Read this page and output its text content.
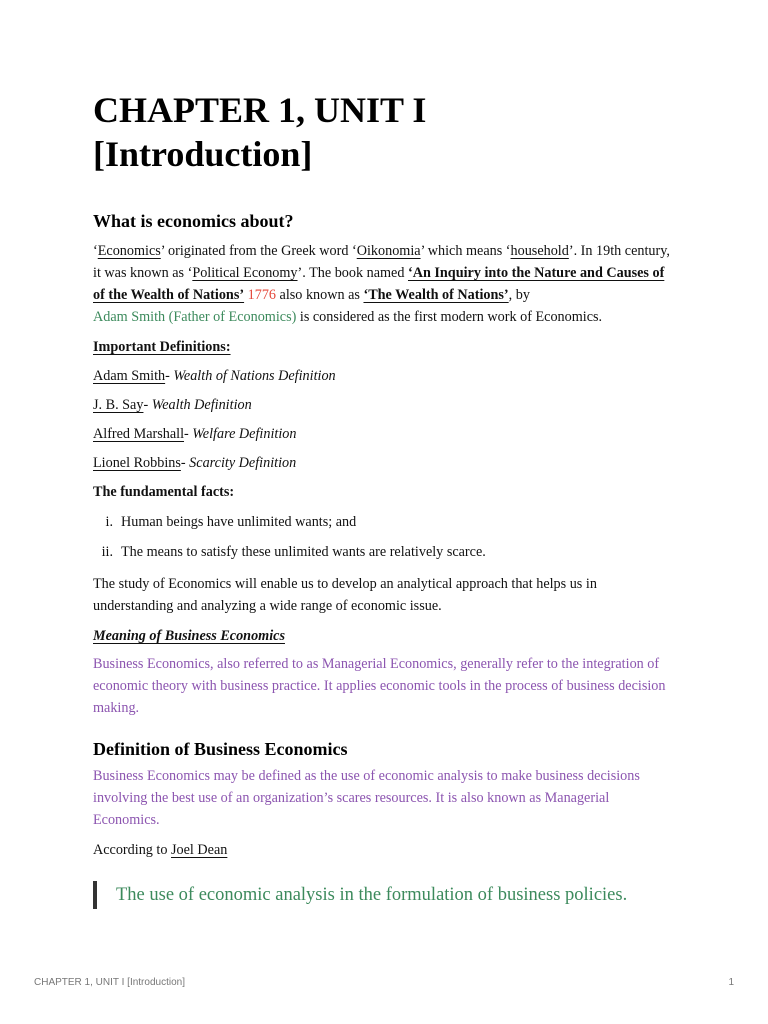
CHAPTER 1, UNIT I
[Introduction]
What is economics about?

‘Economics’ originated from the Greek word ‘Oikonomia’ which means ‘household’. In 19th century, it was known as ‘Political Economy’. The book named ‘An Inquiry into the Nature and Causes of of the Wealth of Nations’ 1776 also known as ‘The Wealth of Nations’, by
Adam Smith (Father of Economics) is considered as the first modern work of Economics.

Important Definitions:

Adam Smith- Wealth of Nations Definition

J. B. Say- Wealth Definition

Alfred Marshall- Welfare Definition

Lionel Robbins- Scarcity Definition

The fundamental facts:

i. Human beings have unlimited wants; and
ii. The means to satisfy these unlimited wants are relatively scarce.

The study of Economics will enable us to develop an analytical approach that helps us in understanding and analyzing a wide range of economic issue.

Meaning of Business Economics

Business Economics, also referred to as Managerial Economics, generally refer to the integration of economic theory with business practice. It applies economic tools in the process of business decision making.

Definition of Business Economics

Business Economics may be defined as the use of economic analysis to make business decisions involving the best use of an organization’s scares resources. It is also known as Managerial Economics.

According to Joel Dean

The use of economic analysis in the formulation of business policies.
CHAPTER 1, UNIT I [Introduction]	1
